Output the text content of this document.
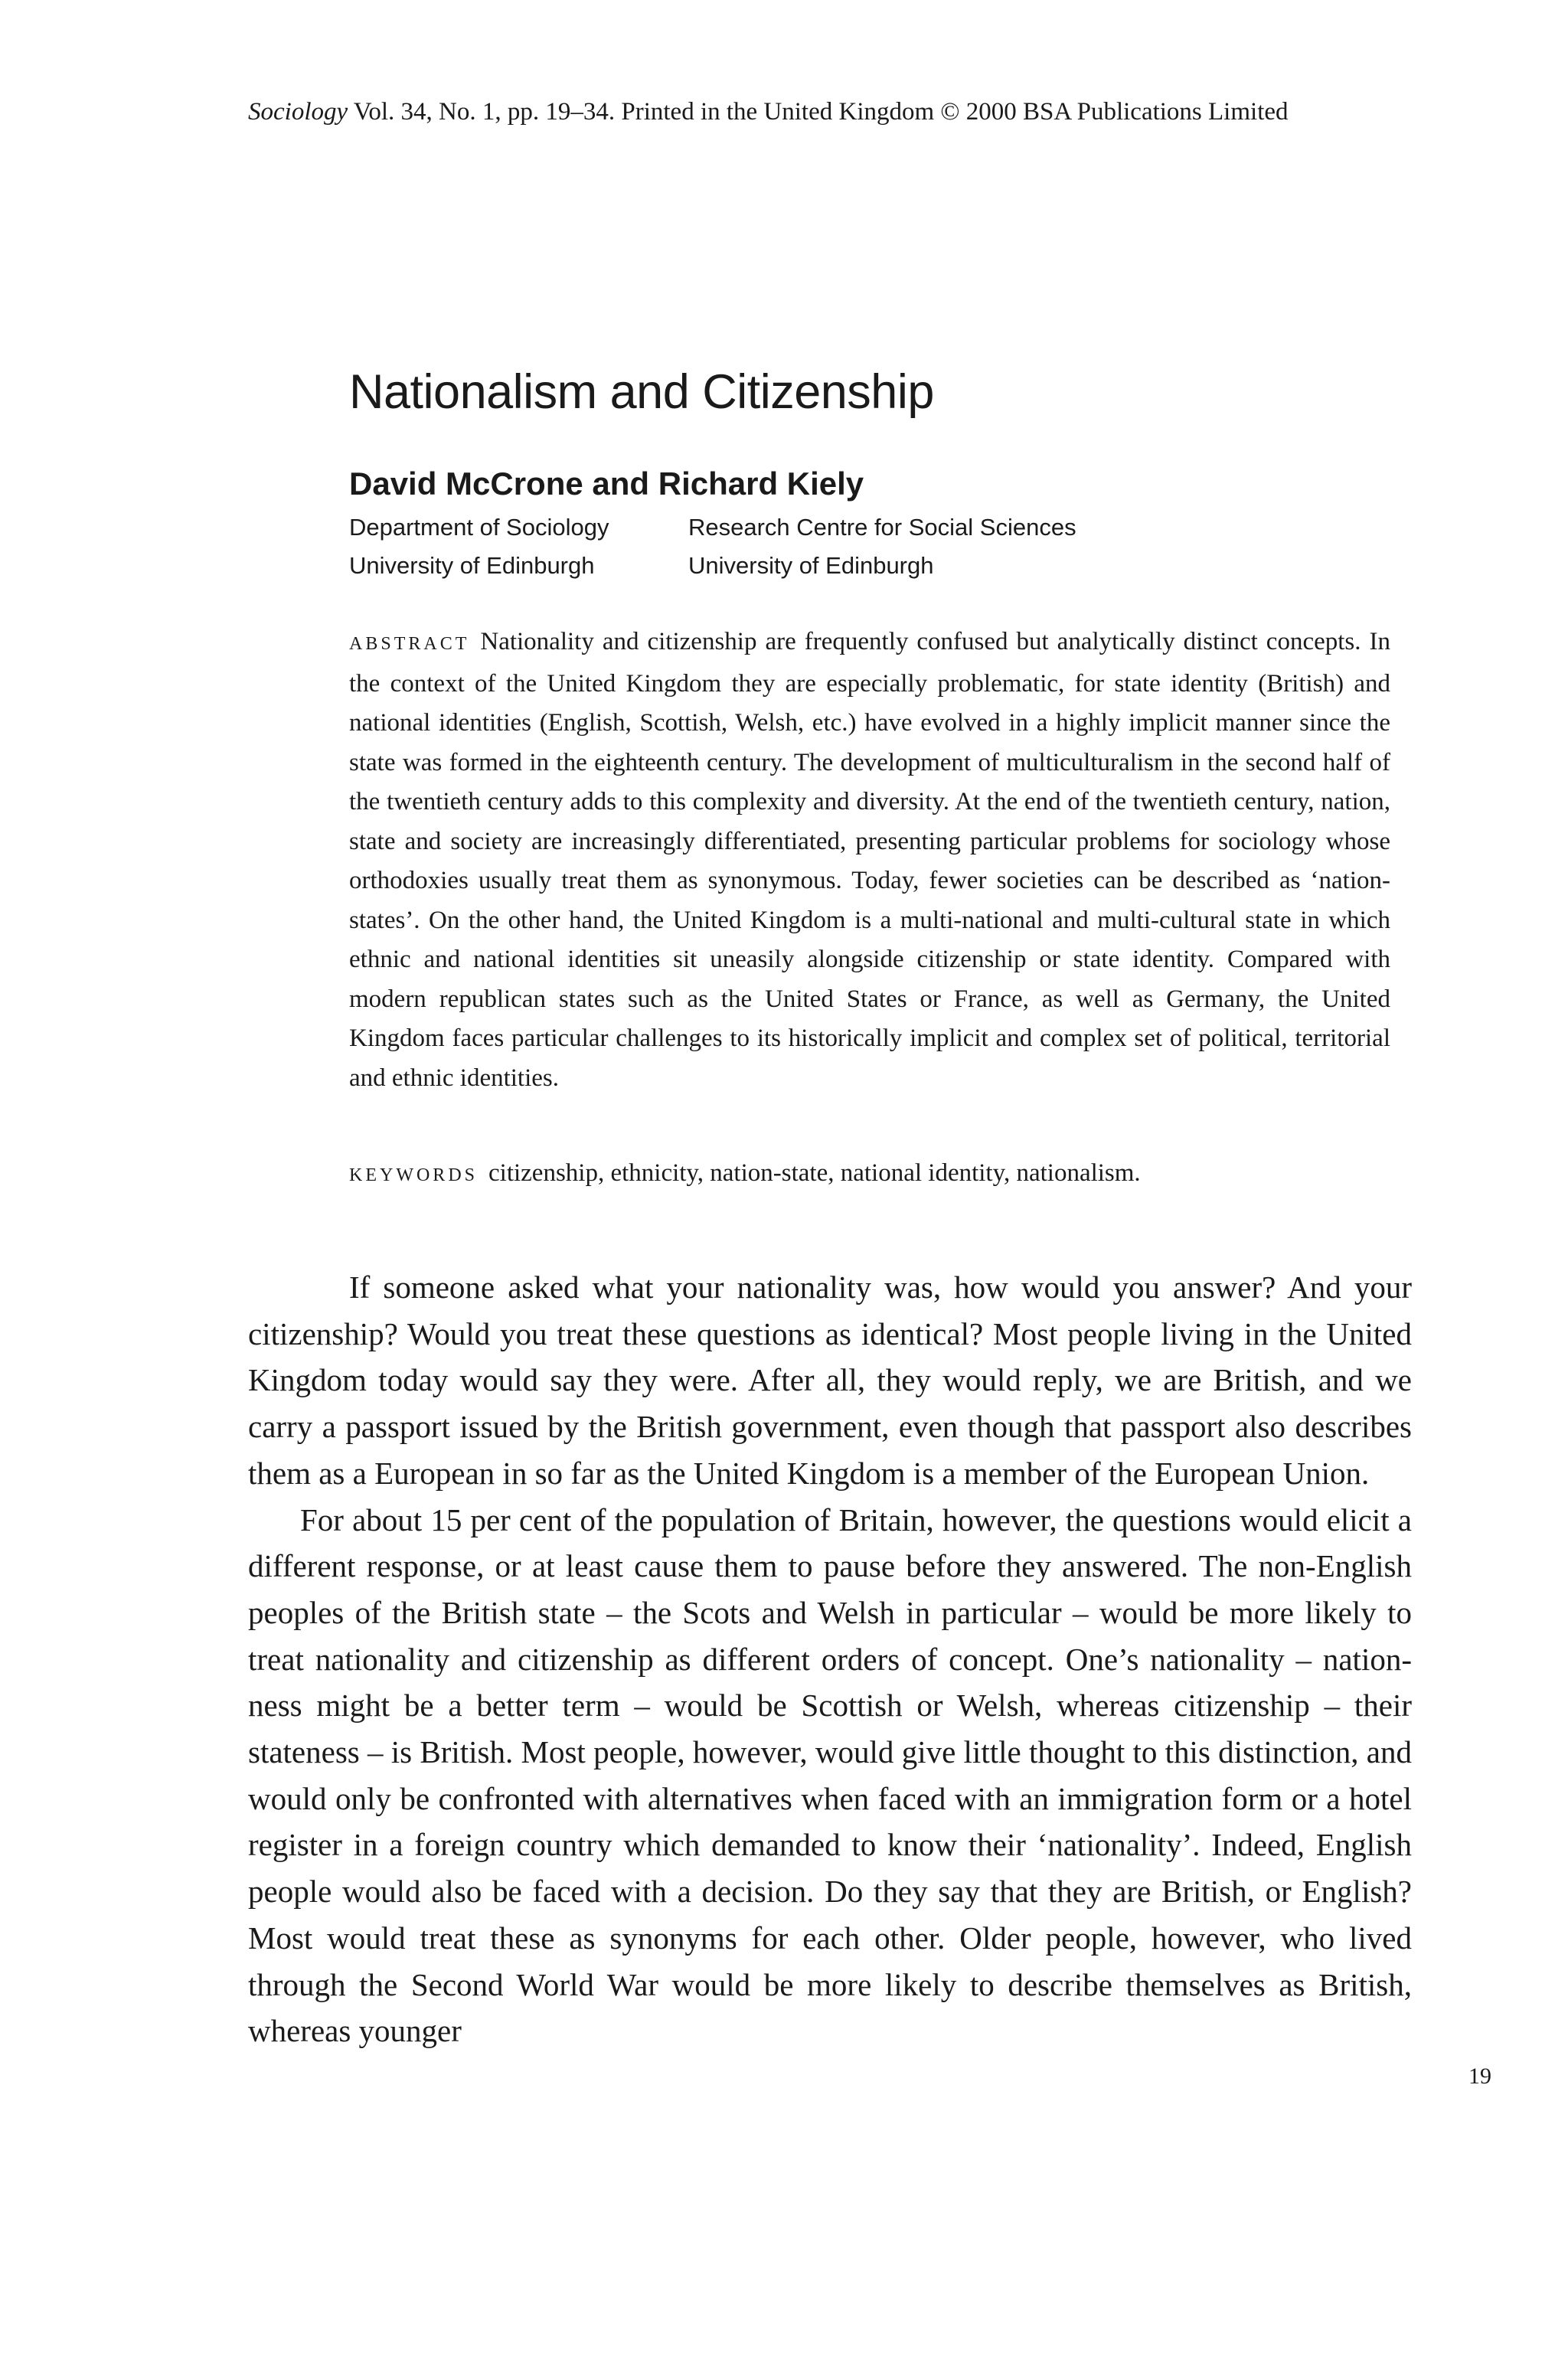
Sociology Vol. 34, No. 1, pp. 19–34. Printed in the United Kingdom © 2000 BSA Publications Limited
Nationalism and Citizenship
David McCrone and Richard Kiely
Department of Sociology
University of Edinburgh
Research Centre for Social Sciences
University of Edinburgh

ABSTRACT Nationality and citizenship are frequently confused but analytically distinct concepts. In the context of the United Kingdom they are especially problematic, for state identity (British) and national identities (English, Scottish, Welsh, etc.) have evolved in a highly implicit manner since the state was formed in the eighteenth century. The development of multiculturalism in the second half of the twentieth century adds to this complexity and diversity. At the end of the twentieth century, nation, state and society are increasingly differentiated, presenting particular problems for sociology whose orthodoxies usually treat them as synonymous. Today, fewer societies can be described as ‘nation-states’. On the other hand, the United Kingdom is a multi-national and multi-cultural state in which ethnic and national identities sit uneasily alongside citizenship or state identity. Compared with modern republican states such as the United States or France, as well as Germany, the United Kingdom faces particular challenges to its historically implicit and complex set of political, territorial and ethnic identities.

KEYWORDS citizenship, ethnicity, nation-state, national identity, nationalism.

If someone asked what your nationality was, how would you answer? And your citizenship? Would you treat these questions as identical? Most people living in the United Kingdom today would say they were. After all, they would reply, we are British, and we carry a passport issued by the British government, even though that passport also describes them as a European in so far as the United Kingdom is a member of the European Union.

For about 15 per cent of the population of Britain, however, the questions would elicit a different response, or at least cause them to pause before they answered. The non-English peoples of the British state – the Scots and Welsh in particular – would be more likely to treat nationality and citizenship as different orders of concept. One’s nationality – nation-ness might be a better term – would be Scottish or Welsh, whereas citizenship – their stateness – is British. Most people, however, would give little thought to this distinction, and would only be confronted with alternatives when faced with an immigration form or a hotel register in a foreign country which demanded to know their ‘nationality’. Indeed, English people would also be faced with a decision. Do they say that they are British, or English? Most would treat these as synonyms for each other. Older people, however, who lived through the Second World War would be more likely to describe themselves as British, whereas younger

19
